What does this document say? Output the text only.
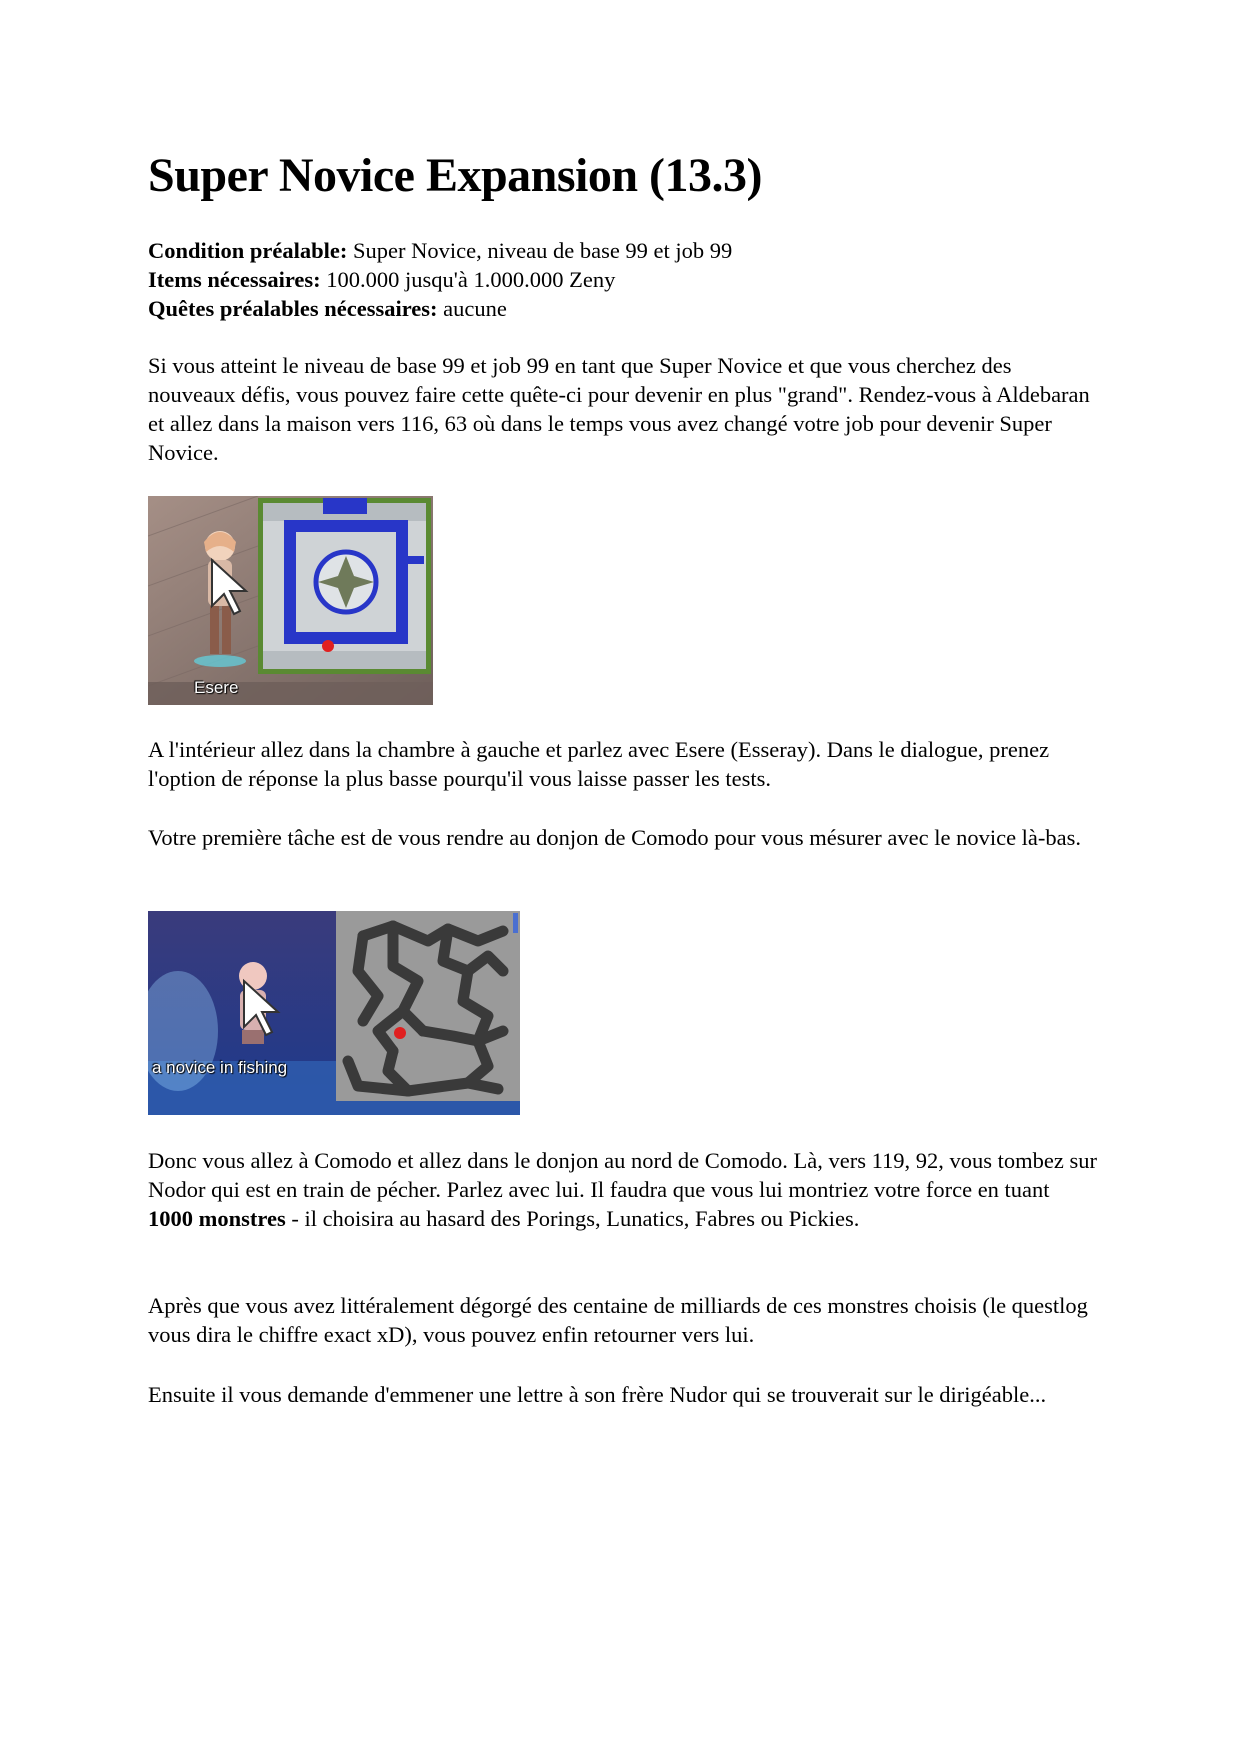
Super Novice Expansion (13.3)
Condition préalable: Super Novice, niveau de base 99 et job 99
Items nécessaires: 100.000 jusqu'à 1.000.000 Zeny
Quêtes préalables nécessaires: aucune

Si vous atteint le niveau de base 99 et job 99 en tant que Super Novice et que vous cherchez des nouveaux défis, vous pouvez faire cette quête-ci pour devenir en plus "grand". Rendez-vous à Aldebaran et allez dans la maison vers 116, 63 où dans le temps vous avez changé votre job pour devenir Super Novice.

Esere

A l'intérieur allez dans la chambre à gauche et parlez avec Esere (Esseray). Dans le dialogue, prenez l'option de réponse la plus basse pourqu'il vous laisse passer les tests.

Votre première tâche est de vous rendre au donjon de Comodo pour vous mésurer avec le novice là-bas.

a novice in fishing

Donc vous allez à Comodo et allez dans le donjon au nord de Comodo. Là, vers 119, 92, vous tombez sur Nodor qui est en train de pécher. Parlez avec lui. Il faudra que vous lui montriez votre force en tuant 1000 monstres - il choisira au hasard des Porings, Lunatics, Fabres ou Pickies.

Après que vous avez littéralement dégorgé des centaine de milliards de ces monstres choisis (le questlog vous dira le chiffre exact xD), vous pouvez enfin retourner vers lui.

Ensuite il vous demande d'emmener une lettre à son frère Nudor qui se trouverait sur le dirigéable...
